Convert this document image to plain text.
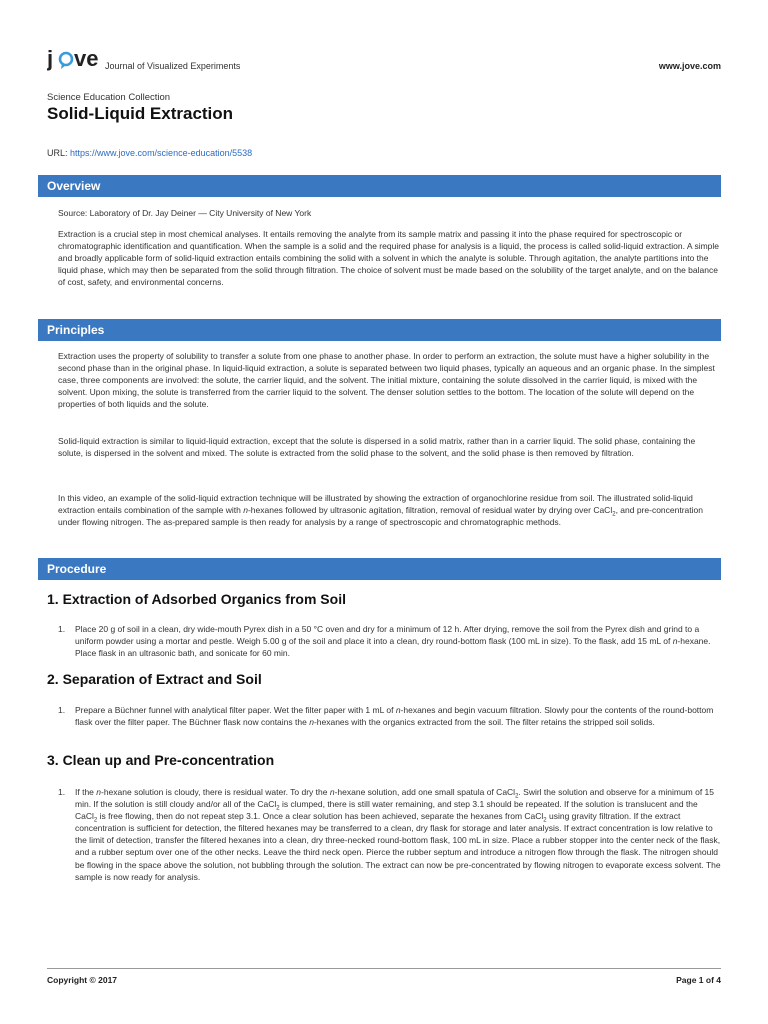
j ve Journal of Visualized Experiments	www.jove.com
Science Education Collection
Solid-Liquid Extraction
URL: https://www.jove.com/science-education/5538
Overview
Source: Laboratory of Dr. Jay Deiner — City University of New York
Extraction is a crucial step in most chemical analyses. It entails removing the analyte from its sample matrix and passing it into the phase required for spectroscopic or chromatographic identification and quantification. When the sample is a solid and the required phase for analysis is a liquid, the process is called solid-liquid extraction. A simple and broadly applicable form of solid-liquid extraction entails combining the solid with a solvent in which the analyte is soluble. Through agitation, the analyte partitions into the liquid phase, which may then be separated from the solid through filtration. The choice of solvent must be made based on the solubility of the target analyte, and on the balance of cost, safety, and environmental concerns.
Principles
Extraction uses the property of solubility to transfer a solute from one phase to another phase. In order to perform an extraction, the solute must have a higher solubility in the second phase than in the original phase. In liquid-liquid extraction, a solute is separated between two liquid phases, typically an aqueous and an organic phase. In the simplest case, three components are involved: the solute, the carrier liquid, and the solvent. The initial mixture, containing the solute dissolved in the carrier liquid, is mixed with the solvent. Upon mixing, the solute is transferred from the carrier liquid to the solvent. The denser solution settles to the bottom. The location of the solute will depend on the properties of both liquids and the solute.
Solid-liquid extraction is similar to liquid-liquid extraction, except that the solute is dispersed in a solid matrix, rather than in a carrier liquid. The solid phase, containing the solute, is dispersed in the solvent and mixed. The solute is extracted from the solid phase to the solvent, and the solid phase is then removed by filtration.
In this video, an example of the solid-liquid extraction technique will be illustrated by showing the extraction of organochlorine residue from soil. The illustrated solid-liquid extraction entails combination of the sample with n-hexanes followed by ultrasonic agitation, filtration, removal of residual water by drying over CaCl$_2$, and pre-concentration under flowing nitrogen. The as-prepared sample is then ready for analysis by a range of spectroscopic and chromatographic methods.
Procedure
1. Extraction of Adsorbed Organics from Soil
1. Place 20 g of soil in a clean, dry wide-mouth Pyrex dish in a 50 °C oven and dry for a minimum of 12 h. After drying, remove the soil from the Pyrex dish and grind to a uniform powder using a mortar and pestle. Weigh 5.00 g of the soil and place it into a clean, dry round-bottom flask (100 mL in size). To the flask, add 15 mL of n-hexane. Place flask in an ultrasonic bath, and sonicate for 60 min.
2. Separation of Extract and Soil
1. Prepare a Büchner funnel with analytical filter paper. Wet the filter paper with 1 mL of n-hexanes and begin vacuum filtration. Slowly pour the contents of the round-bottom flask over the filter paper. The Büchner flask now contains the n-hexanes with the organics extracted from the soil. The filter retains the stripped soil solids.
3. Clean up and Pre-concentration
1. If the n-hexane solution is cloudy, there is residual water. To dry the n-hexane solution, add one small spatula of CaCl$_2$. Swirl the solution and observe for a minimum of 15 min. If the solution is still cloudy and/or all of the CaCl$_2$ is clumped, there is still water remaining, and step 3.1 should be repeated. If the solution is translucent and the CaCl$_2$ is free flowing, then do not repeat step 3.1. Once a clear solution has been achieved, separate the hexanes from CaCl$_2$ using gravity filtration. If the extract concentration is sufficient for detection, the filtered hexanes may be transferred to a clean, dry flask for storage and later analysis. If extract concentration is low relative to the limit of detection, transfer the filtered hexanes into a clean, dry three-necked round-bottom flask, 100 mL in size. Place a rubber stopper into the center neck of the flask, and a rubber septum over one of the other necks. Leave the third neck open. Pierce the rubber septum and introduce a nitrogen flow through the flask. The nitrogen should be flowing in the space above the solution, not bubbling through the solution. The extract can now be pre-concentrated by flowing nitrogen to evaporate excess solvent. The sample is now ready for analysis.
Copyright © 2017	Page 1 of 4
